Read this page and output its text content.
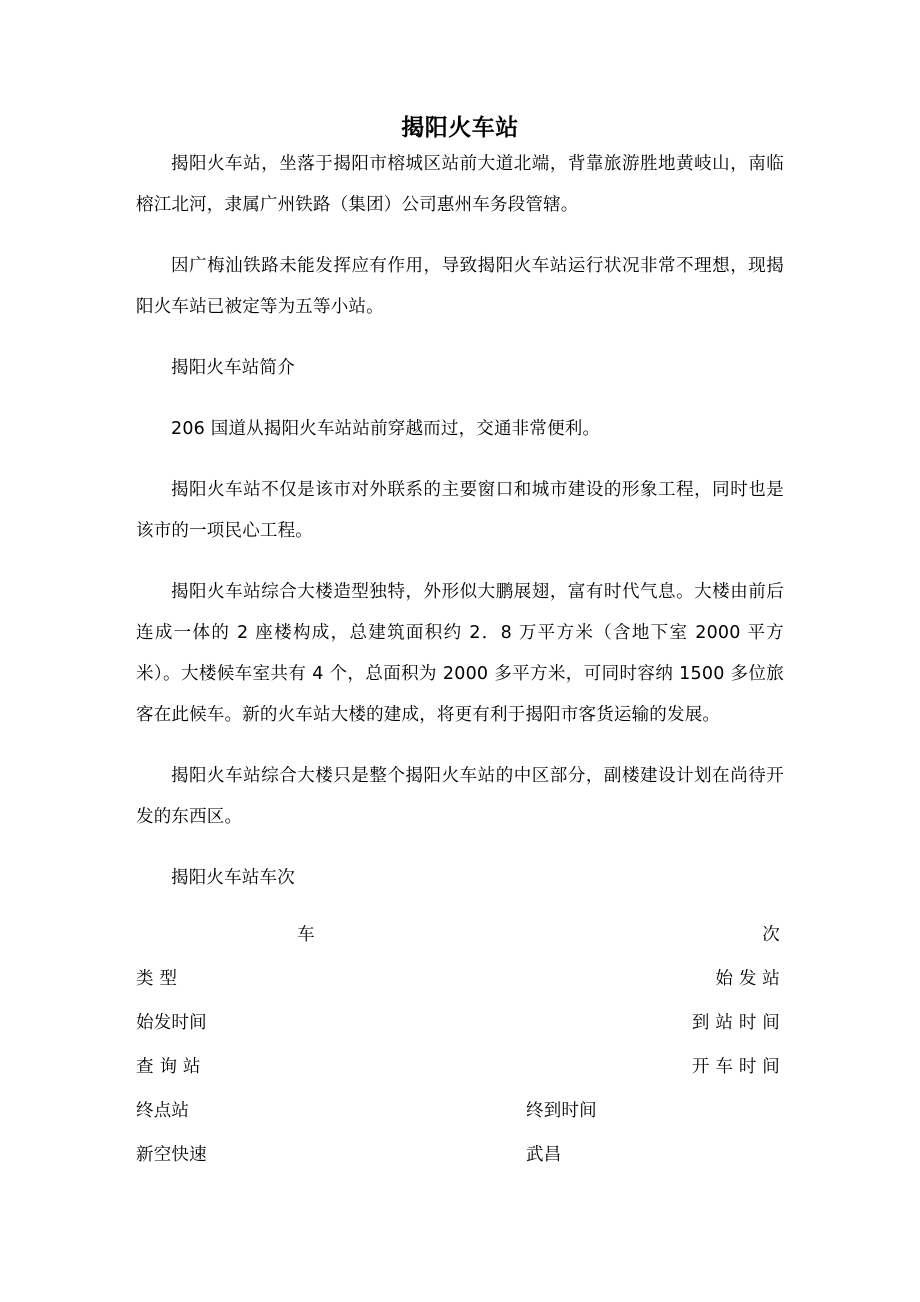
揭阳火车站

揭阳火车站，坐落于揭阳市榕城区站前大道北端，背靠旅游胜地黄岐山，南临榕江北河，隶属广州铁路（集团）公司惠州车务段管辖。

因广梅汕铁路未能发挥应有作用，导致揭阳火车站运行状况非常不理想，现揭阳火车站已被定等为五等小站。

揭阳火车站简介

206 国道从揭阳火车站站前穿越而过，交通非常便利。

揭阳火车站不仅是该市对外联系的主要窗口和城市建设的形象工程，同时也是该市的一项民心工程。

揭阳火车站综合大楼造型独特，外形似大鹏展翅，富有时代气息。大楼由前后连成一体的 2 座楼构成，总建筑面积约 2．8 万平方米（含地下室 2000 平方米）。大楼候车室共有 4 个，总面积为 2000 多平方米，可同时容纳 1500 多位旅客在此候车。新的火车站大楼的建成，将更有利于揭阳市客货运输的发展。

揭阳火车站综合大楼只是整个揭阳火车站的中区部分，副楼建设计划在尚待开发的东西区。

揭阳火车站车次

车	次
类 型	始 发 站
始发时间	到 站 时 间
查 询 站	开 车 时 间
终点站	终到时间
新空快速	武昌
